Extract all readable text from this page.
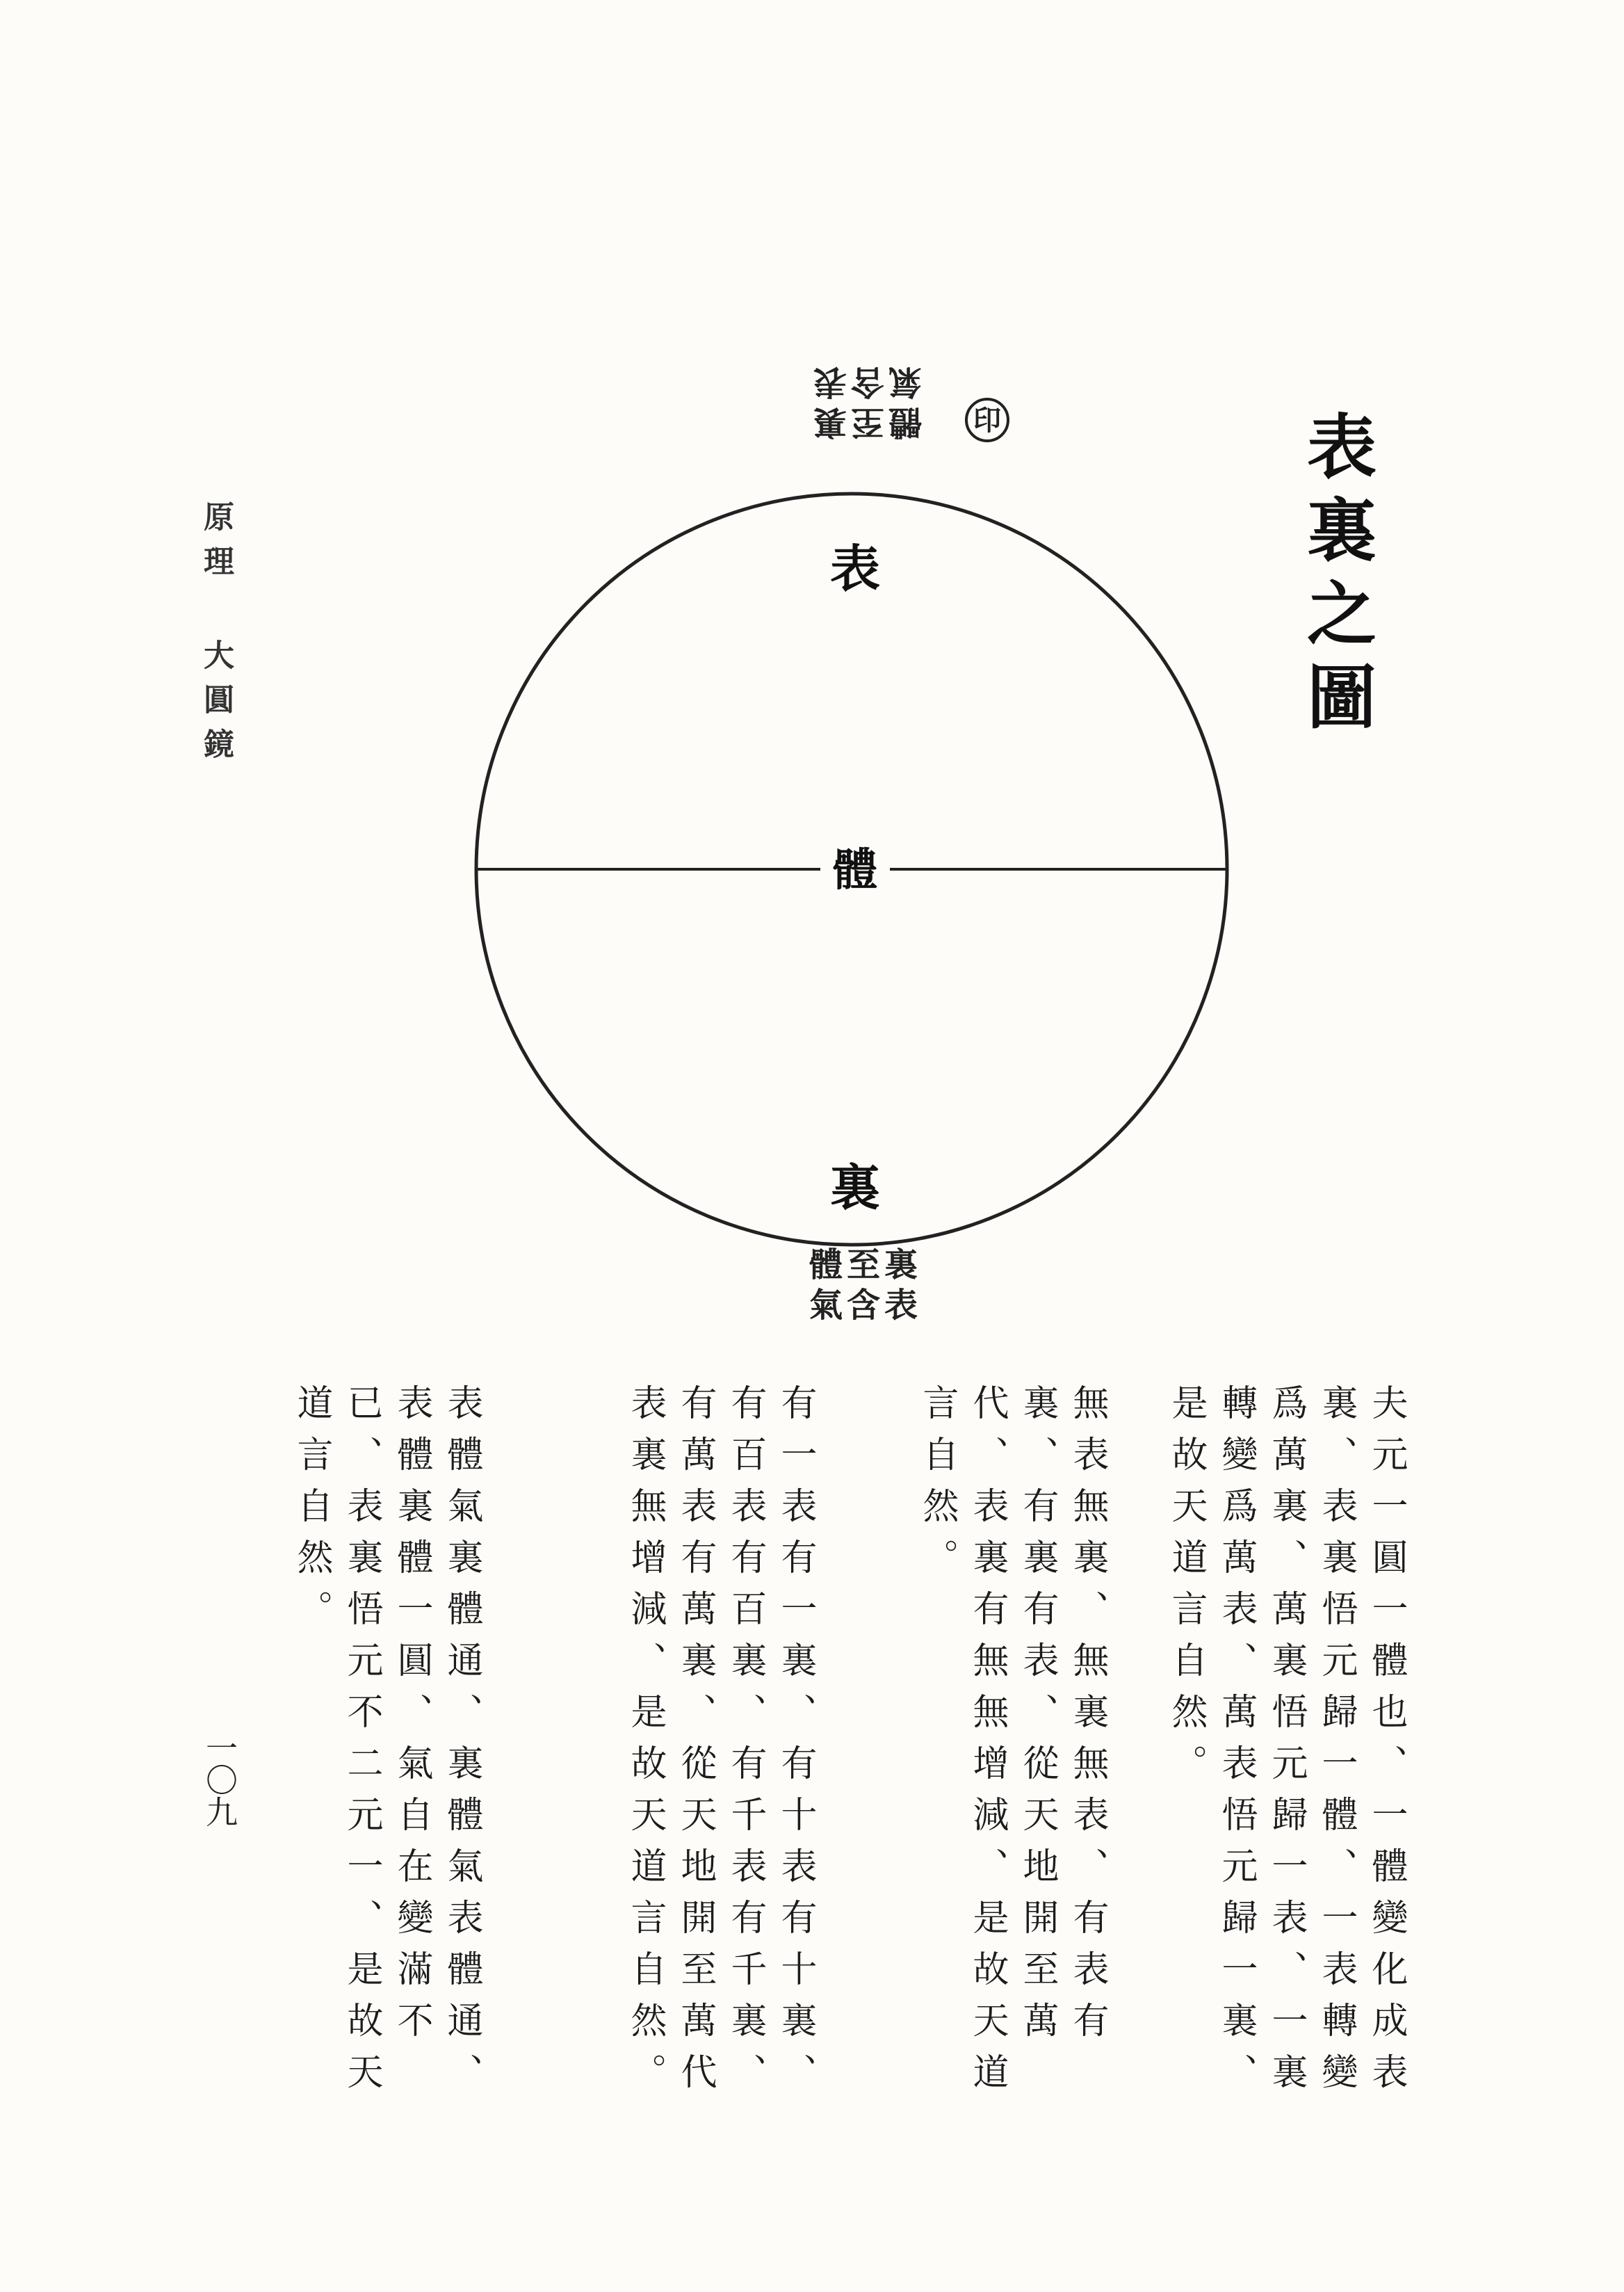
表裏之圖
原理 大圓鏡
一〇九
印
體至裏
氣含表
表
體
裏
體至裏
氣含表
夫元一圓一體也、一體變化成表裏、表裏悟元歸一體、一表轉變爲萬裏、萬裏悟元歸一表、一裏轉變爲萬表、萬表悟元歸一裏、是故天道言自然。
無表無裏、無裏無表、有表有裏、有裏有表、從天地開至萬代、表裏有無無增減、是故天道言自然。
有一表有一裏、有十表有十裏、有百表有百裏、有千表有千裏、有萬表有萬裏、從天地開至萬代表裏無增減、是故天道言自然。
表體氣裏體通、裏體氣表體通、表體裏體一圓、氣自在變滿不已、表裏悟元不二元一、是故天道言自然。
